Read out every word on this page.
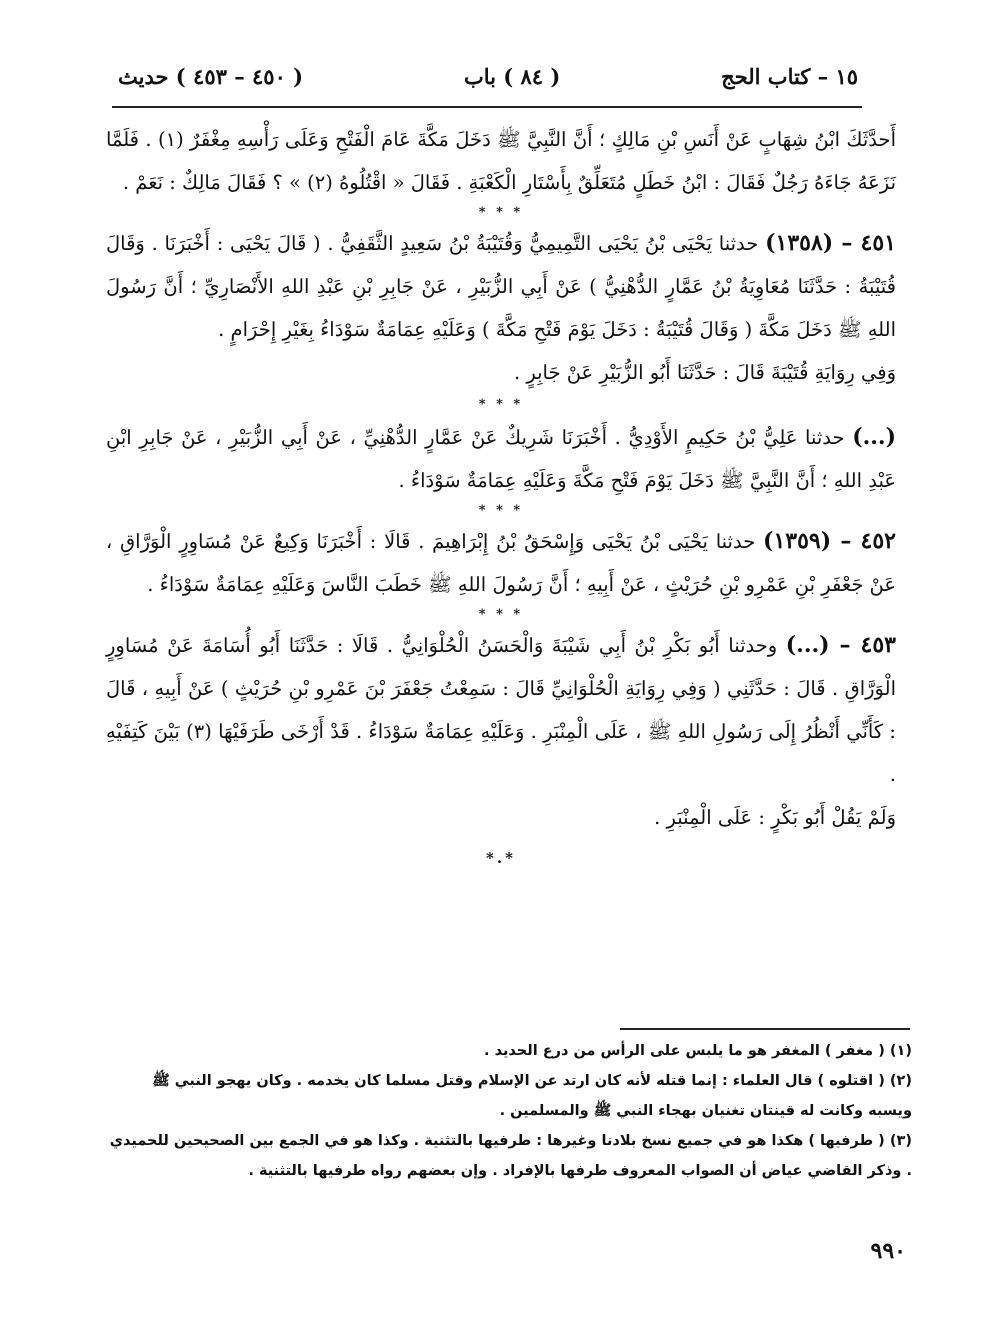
١٥ – كتاب الحج
( ٨٤ ) باب
( ٤٥٠ – ٤٥٣ ) حديث

أَحدَّثَكَ ابْنُ شِهَابٍ عَنْ أَنَسِ بْنِ مَالِكٍ ؛ أَنَّ النَّبِيَّ ﷺ دَخَلَ مَكَّةَ عَامَ الْفَتْحِ وَعَلَى رَأْسِهِ مِغْفَرٌ (١) . فَلَمَّا نَزَعَهُ جَاءَهُ رَجُلٌ فَقَالَ : ابْنُ خَطَلٍ مُتَعَلِّقٌ بِأَسْتَارِ الْكَعْبَةِ . فَقَالَ « اقْتُلُوهُ (٢) » ؟ فَقَالَ مَالِكٌ : نَعَمْ .

* * *

٤٥١ – (١٣٥٨) حدثنا يَحْيَى بْنُ يَحْيَى التَّمِيمِيُّ وَقُتَيْبَةُ بْنُ سَعِيدٍ الثَّقَفِيُّ . ( قَالَ يَحْيَى : أَخْبَرَنَا . وَقَالَ قُتَيْبَةُ : حَدَّثَنَا مُعَاوِيَةُ بْنُ عَمَّارٍ الدُّهْنِيُّ ) عَنْ أَبِي الزُّبَيْرِ ، عَنْ جَابِرِ بْنِ عَبْدِ اللهِ الأَنْصَارِيِّ ؛ أَنَّ رَسُولَ اللهِ ﷺ دَخَلَ مَكَّةَ ( وَقَالَ قُتَيْبَةُ : دَخَلَ يَوْمَ فَتْحِ مَكَّةَ ) وَعَلَيْهِ عِمَامَةٌ سَوْدَاءُ بِغَيْرِ إِحْرَامٍ .

وَفِي رِوَايَةِ قُتَيْبَةَ قَالَ : حَدَّثَنَا أَبُو الزُّبَيْرِ عَنْ جَابِرٍ .

* * *

(...) حدثنا عَلِيُّ بْنُ حَكِيمٍ الأَوْدِيُّ . أَخْبَرَنَا شَرِيكٌ عَنْ عَمَّارٍ الدُّهْنِيِّ ، عَنْ أَبِي الزُّبَيْرِ ، عَنْ جَابِرِ ابْنِ عَبْدِ اللهِ ؛ أَنَّ النَّبِيَّ ﷺ دَخَلَ يَوْمَ فَتْحِ مَكَّةَ وَعَلَيْهِ عِمَامَةٌ سَوْدَاءُ .

* * *

٤٥٢ – (١٣٥٩) حدثنا يَحْيَى بْنُ يَحْيَى وَإِسْحَقُ بْنُ إِبْرَاهِيمَ . قَالَا : أَخْبَرَنَا وَكِيعٌ عَنْ مُسَاوِرٍ الْوَرَّاقِ ، عَنْ جَعْفَرِ بْنِ عَمْرِو بْنِ حُرَيْثٍ ، عَنْ أَبِيهِ ؛ أَنَّ رَسُولَ اللهِ ﷺ خَطَبَ النَّاسَ وَعَلَيْهِ عِمَامَةٌ سَوْدَاءُ .

* * *

٤٥٣ – (...) وحدثنا أَبُو بَكْرِ بْنُ أَبِي شَيْبَةَ وَالْحَسَنُ الْحُلْوَانِيُّ . قَالَا : حَدَّثَنَا أَبُو أُسَامَةَ عَنْ مُسَاوِرٍ الْوَرَّاقِ . قَالَ : حَدَّثَنِي ( وَفِي رِوَايَةِ الْحُلْوَانِيِّ قَالَ : سَمِعْتُ جَعْفَرَ بْنَ عَمْرِو بْنِ حُرَيْثٍ ) عَنْ أَبِيهِ ، قَالَ : كَأَنِّي أَنْظُرُ إِلَى رَسُولِ اللهِ ﷺ ، عَلَى الْمِنْبَرِ . وَعَلَيْهِ عِمَامَةٌ سَوْدَاءُ . قَدْ أَرْخَى طَرَفَيْهَا (٣) بَيْنَ كَتِفَيْهِ .

وَلَمْ يَقُلْ أَبُو بَكْرٍ : عَلَى الْمِنْبَرِ .

*.*

(١) ( مغفر ) المغفر هو ما يلبس على الرأس من درع الحديد .

(٢) ( اقتلوه ) قال العلماء : إنما قتله لأنه كان ارتد عن الإسلام وقتل مسلما كان يخدمه . وكان يهجو النبي ﷺ ويسبه وكانت له قينتان تغنيان بهجاء النبي ﷺ والمسلمين .

(٣) ( طرفيها ) هكذا هو في جميع نسخ بلادنا وغيرها : طرفيها بالتثنية . وكذا هو في الجمع بين الصحيحين للحميدي . وذكر القاضي عياض أن الصواب المعروف طرفها بالإفراد . وإن بعضهم رواه طرفيها بالتثنية .

٩٩٠
